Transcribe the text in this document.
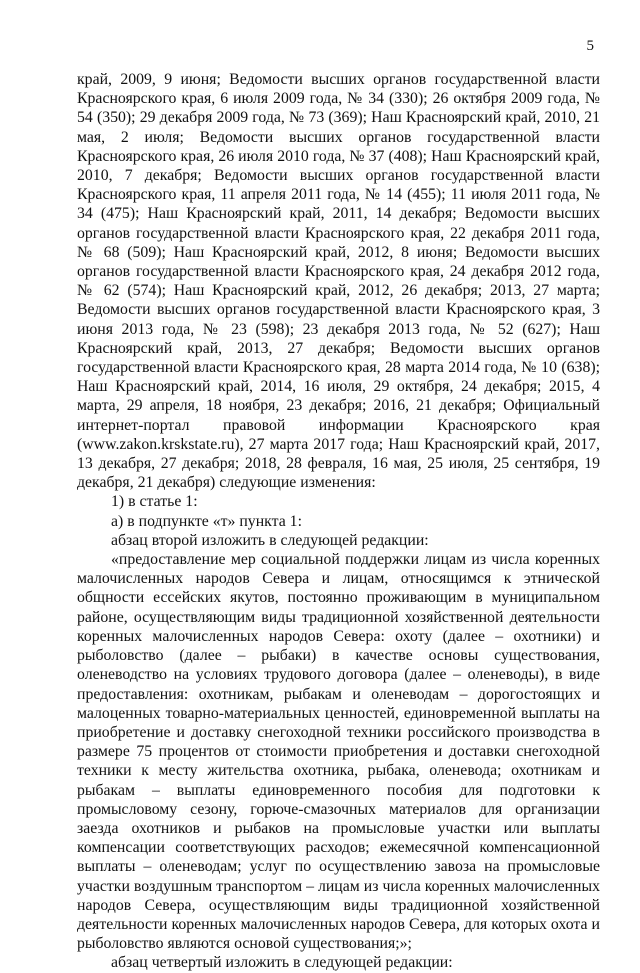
5

край, 2009, 9 июня; Ведомости высших органов государственной власти Красноярского края, 6 июля 2009 года, № 34 (330); 26 октября 2009 года, № 54 (350); 29 декабря 2009 года, № 73 (369); Наш Красноярский край, 2010, 21 мая, 2 июля; Ведомости высших органов государственной власти Красноярского края, 26 июля 2010 года, № 37 (408); Наш Красноярский край, 2010, 7 декабря; Ведомости высших органов государственной власти Красноярского края, 11 апреля 2011 года, № 14 (455); 11 июля 2011 года, № 34 (475); Наш Красноярский край, 2011, 14 декабря; Ведомости высших органов государственной власти Красноярского края, 22 декабря 2011 года, № 68 (509); Наш Красноярский край, 2012, 8 июня; Ведомости высших органов государственной власти Красноярского края, 24 декабря 2012 года, № 62 (574); Наш Красноярский край, 2012, 26 декабря; 2013, 27 марта; Ведомости высших органов государственной власти Красноярского края, 3 июня 2013 года, № 23 (598); 23 декабря 2013 года, № 52 (627); Наш Красноярский край, 2013, 27 декабря; Ведомости высших органов государственной власти Красноярского края, 28 марта 2014 года, № 10 (638); Наш Красноярский край, 2014, 16 июля, 29 октября, 24 декабря; 2015, 4 марта, 29 апреля, 18 ноября, 23 декабря; 2016, 21 декабря; Официальный интернет-портал правовой информации Красноярского края (www.zakon.krskstate.ru), 27 марта 2017 года; Наш Красноярский край, 2017, 13 декабря, 27 декабря; 2018, 28 февраля, 16 мая, 25 июля, 25 сентября, 19 декабря, 21 декабря) следующие изменения:

1) в статье 1:

а) в подпункте «т» пункта 1:

абзац второй изложить в следующей редакции:

«предоставление мер социальной поддержки лицам из числа коренных малочисленных народов Севера и лицам, относящимся к этнической общности ессейских якутов, постоянно проживающим в муниципальном районе, осуществляющим виды традиционной хозяйственной деятельности коренных малочисленных народов Севера: охоту (далее – охотники) и рыболовство (далее – рыбаки) в качестве основы существования, оленеводство на условиях трудового договора (далее – оленеводы), в виде предоставления: охотникам, рыбакам и оленеводам – дорогостоящих и малоценных товарно-материальных ценностей, единовременной выплаты на приобретение и доставку снегоходной техники российского производства в размере 75 процентов от стоимости приобретения и доставки снегоходной техники к месту жительства охотника, рыбака, оленевода; охотникам и рыбакам – выплаты единовременного пособия для подготовки к промысловому сезону, горюче-смазочных материалов для организации заезда охотников и рыбаков на промысловые участки или выплаты компенсации соответствующих расходов; ежемесячной компенсационной выплаты – оленеводам; услуг по осуществлению завоза на промысловые участки воздушным транспортом – лицам из числа коренных малочисленных народов Севера, осуществляющим виды традиционной хозяйственной деятельности коренных малочисленных народов Севера, для которых охота и рыболовство являются основой существования;»;

абзац четвертый изложить в следующей редакции:
